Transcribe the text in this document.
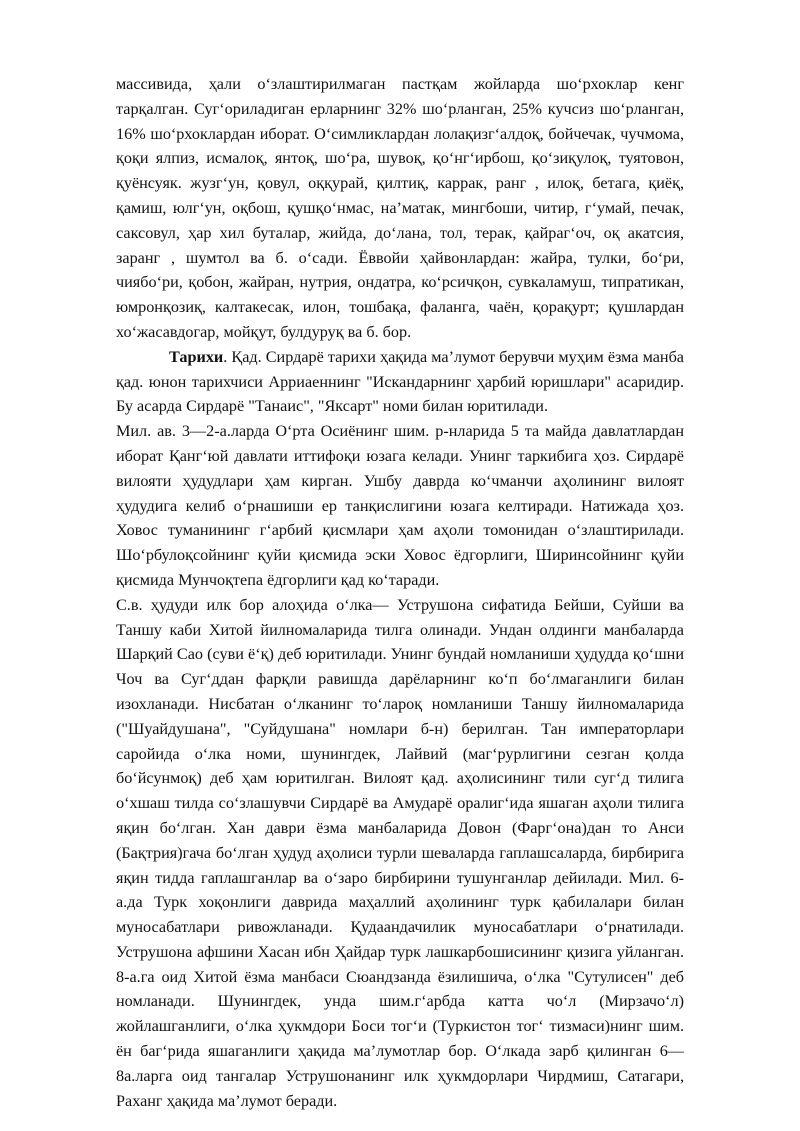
массивида, ҳали оʻзлаштирилмаган пастқам жойларда шоʻрхоклар кенг тарқалган. Сугʻориладиган ерларнинг 32% шоʻрланган, 25% кучсиз шоʻрланган, 16% шоʻрхоклардан иборат. Оʻсимликлардан лолақизгʻалдоқ, бойчечак, чучмома, қоқи ялпиз, исмалоқ, янтоқ, шоʻра, шувоқ, қоʻнгʻирбош, қоʻзиқулоқ, туятовон, қуёнсуяк. жузгʻун, қовул, оққурай, қилтиқ, каррак, ранг , илоқ, бетага, қиёқ, қамиш, юлгʻун, оқбош, қушқоʻнмас, наʼматак, мингбоши, читир, гʻумай, печак, саксовул, ҳар хил буталар, жийда, доʻлана, тол, терак, қайрагʻоч, оқ акатсия, заранг , шумтол ва б. оʻсади. Ёввойи ҳайвонлардан: жайра, тулки, боʻри, чиябоʻри, қобон, жайран, нутрия, ондатра, коʻрсичқон, сувкаламуш, типратикан, юмронқозиқ, калтакесак, илон, тошбақа, фаланга, чаён, қорақурт; қушлардан хоʻжасавдогар, мойқут, булдуруқ ва б. бор.

Тарихи. Қад. Сирдарё тарихи ҳақида маʼлумот берувчи муҳим ёзма манба қад. юнон тарихчиси Арриаеннинг "Искандарнинг ҳарбий юришлари" асаридир. Бу асарда Сирдарё "Танаис", "Яксарт" номи билан юритилади.

Мил. ав. 3—2-а.ларда Оʻрта Осиёнинг шим. р-нларида 5 та майда давлатлардан иборат Қангʻюй давлати иттифоқи юзага келади. Унинг таркибига ҳоз. Сирдарё вилояти ҳудудлари ҳам кирган. Ушбу даврда коʻчманчи аҳолининг вилоят ҳудудига келиб оʻрнашиши ер танқислигини юзага келтиради. Натижада ҳоз. Ховос туманининг гʻарбий қисмлари ҳам аҳоли томонидан оʻзлаштирилади. Шоʻрбулоқсойнинг қуйи қисмида эски Ховос ёдгорлиги, Ширинсойнинг қуйи қисмида Мунчоқтепа ёдгорлиги қад коʻтаради.

С.в. ҳудуди илк бор алоҳида оʻлка— Уструшона сифатида Бейши, Суйши ва Таншу каби Хитой йилномаларида тилга олинади. Ундан олдинги манбаларда Шарқий Сао (суви ёʻқ) деб юритилади. Унинг бундай номланиши ҳудудда қоʻшни Чоч ва Сугʻддан фарқли равишда дарёларнинг коʻп боʻлмаганлиги билан изохланади. Нисбатан оʻлканинг тоʻлароқ номланиши Таншу йилномаларида ("Шуайдушана", "Суйдушана" номлари б-н) берилган. Тан императорлари саройида оʻлка номи, шунингдек, Лайвий (магʻрурлигини сезган қолда боʻйсунмоқ) деб ҳам юритилган. Вилоят қад. аҳолисининг тили сугʻд тилига оʻхшаш тилда соʻзлашувчи Сирдарё ва Амударё оралигʻида яшаган аҳоли тилига яқин боʻлган. Хан даври ёзма манбаларида Довон (Фаргʻона)дан то Анси (Бақтрия)гача боʻлган ҳудуд аҳолиси турли шеваларда гаплашсаларда, бирбирига яқин тидда гаплашганлар ва оʻзаро бирбирини тушунганлар дейилади. Мил. 6-а.да Турк хоқонлиги даврида маҳаллий аҳолининг турк қабилалари билан муносабатлари ривожланади. Қудаандачилик муносабатлари оʻрнатилади. Уструшона афшини Хасан ибн Ҳайдар турк лашкарбошисининг қизига уйланган. 8-а.га оид Хитой ёзма манбаси Сюандзанда ёзилишича, оʻлка "Сутулисен" деб номланади. Шунингдек, унда шим.гʻарбда катта чоʻл (Мирзачоʻл) жойлашганлиги, оʻлка ҳукмдори Боси тогʻи (Туркистон тогʻ тизмаси)нинг шим. ён багʻрида яшаганлиги ҳақида маʼлумотлар бор. Оʻлкада зарб қилинган 6—8а.ларга оид тангалар Уструшонанинг илк ҳукмдорлари Чирдмиш, Сатагари, Раханг ҳақида маʼлумот беради.
